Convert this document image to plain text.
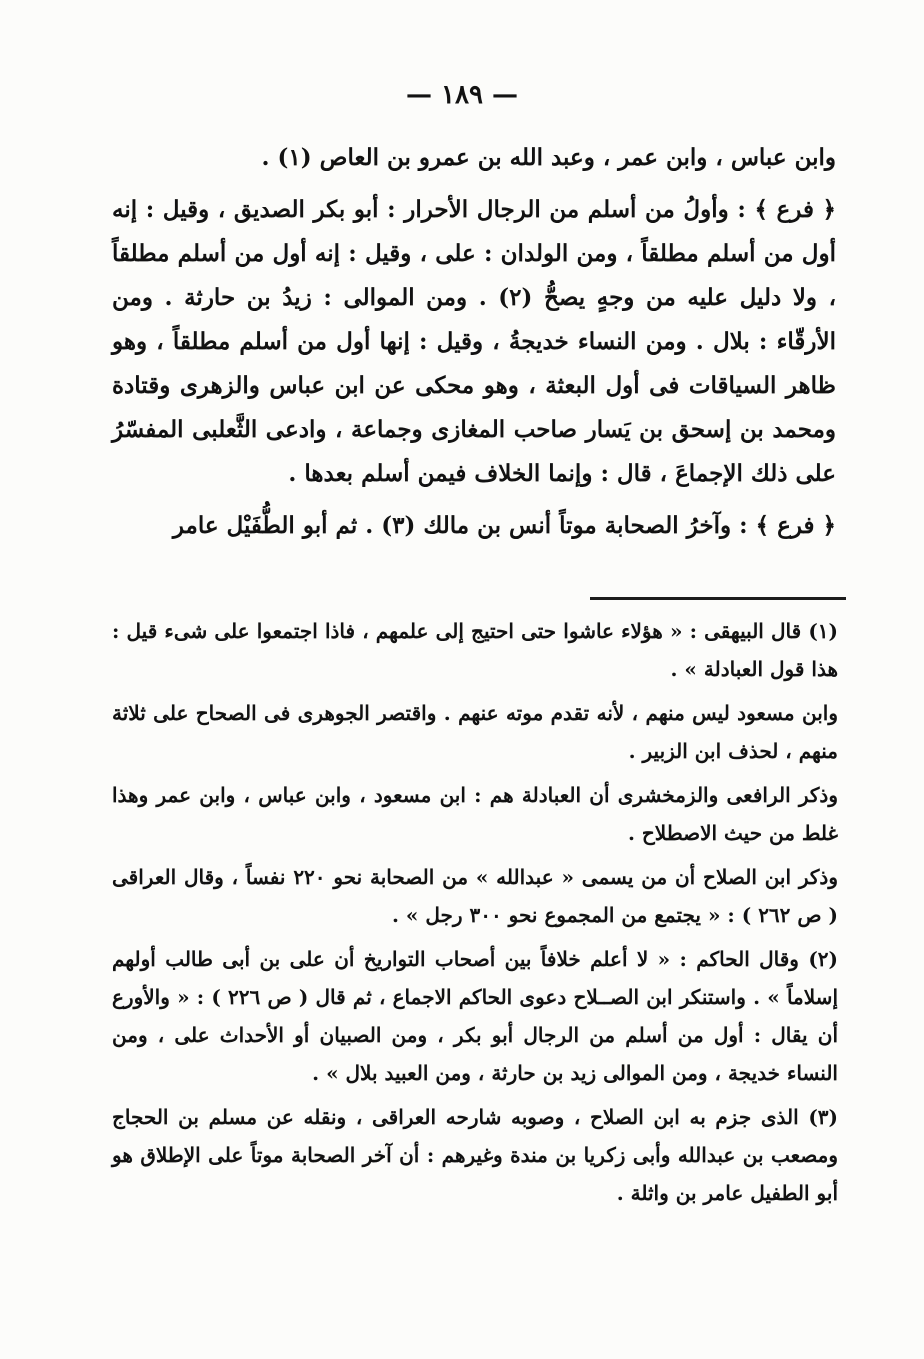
— ١٨٩ —

وابن عباس ، وابن عمر ، وعبد الله بن عمرو بن العاص (١) .

﴿ فرع ﴾ : وأولُ من أسلم من الرجال الأحرار : أبو بكر الصديق ، وقيل : إنه أول من أسلم مطلقاً ، ومن الولدان : على ، وقيل : إنه أول من أسلم مطلقاً ، ولا دليل عليه من وجهٍ يصحُّ (٢) . ومن الموالى : زيدُ بن حارثة . ومن الأرقّاء : بلال . ومن النساء خديجةُ ، وقيل : إنها أول من أسلم مطلقاً ، وهو ظاهر السياقات فى أول البعثة ، وهو محكى عن ابن عباس والزهرى وقتادة ومحمد بن إسحق بن يَسار صاحب المغازى وجماعة ، وادعى الثَّعلبى المفسّرُ على ذلك الإجماعَ ، قال : وإنما الخلاف فيمن أسلم بعدها .

﴿ فرع ﴾ : وآخرُ الصحابة موتاً أنس بن مالك (٣) . ثم أبو الطُّفَيْل عامر

(١) قال البيهقى : « هؤلاء عاشوا حتى احتيج إلى علمهم ، فاذا اجتمعوا على شىء قيل : هذا قول العبادلة » .

وابن مسعود ليس منهم ، لأنه تقدم موته عنهم . واقتصر الجوهرى فى الصحاح على ثلاثة منهم ، لحذف ابن الزبير .

وذكر الرافعى والزمخشرى أن العبادلة هم : ابن مسعود ، وابن عباس ، وابن عمر وهذا غلط من حيث الاصطلاح .

وذكر ابن الصلاح أن من يسمى « عبدالله » من الصحابة نحو ٢٢٠ نفساً ، وقال العراقى ( ص ٢٦٢ ) : « يجتمع من المجموع نحو ٣٠٠ رجل » .

(٢) وقال الحاكم : « لا أعلم خلافاً بين أصحاب التواريخ أن على بن أبى طالب أولهم إسلاماً » . واستنكر ابن الصــلاح دعوى الحاكم الاجماع ، ثم قال ( ص ٢٢٦ ) : « والأورع أن يقال : أول من أسلم من الرجال أبو بكر ، ومن الصبيان أو الأحداث على ، ومن النساء خديجة ، ومن الموالى زيد بن حارثة ، ومن العبيد بلال » .

(٣) الذى جزم به ابن الصلاح ، وصوبه شارحه العراقى ، ونقله عن مسلم بن الحجاج ومصعب بن عبدالله وأبى زكريا بن مندة وغيرهم : أن آخر الصحابة موتاً على الإطلاق هو أبو الطفيل عامر بن واثلة .
